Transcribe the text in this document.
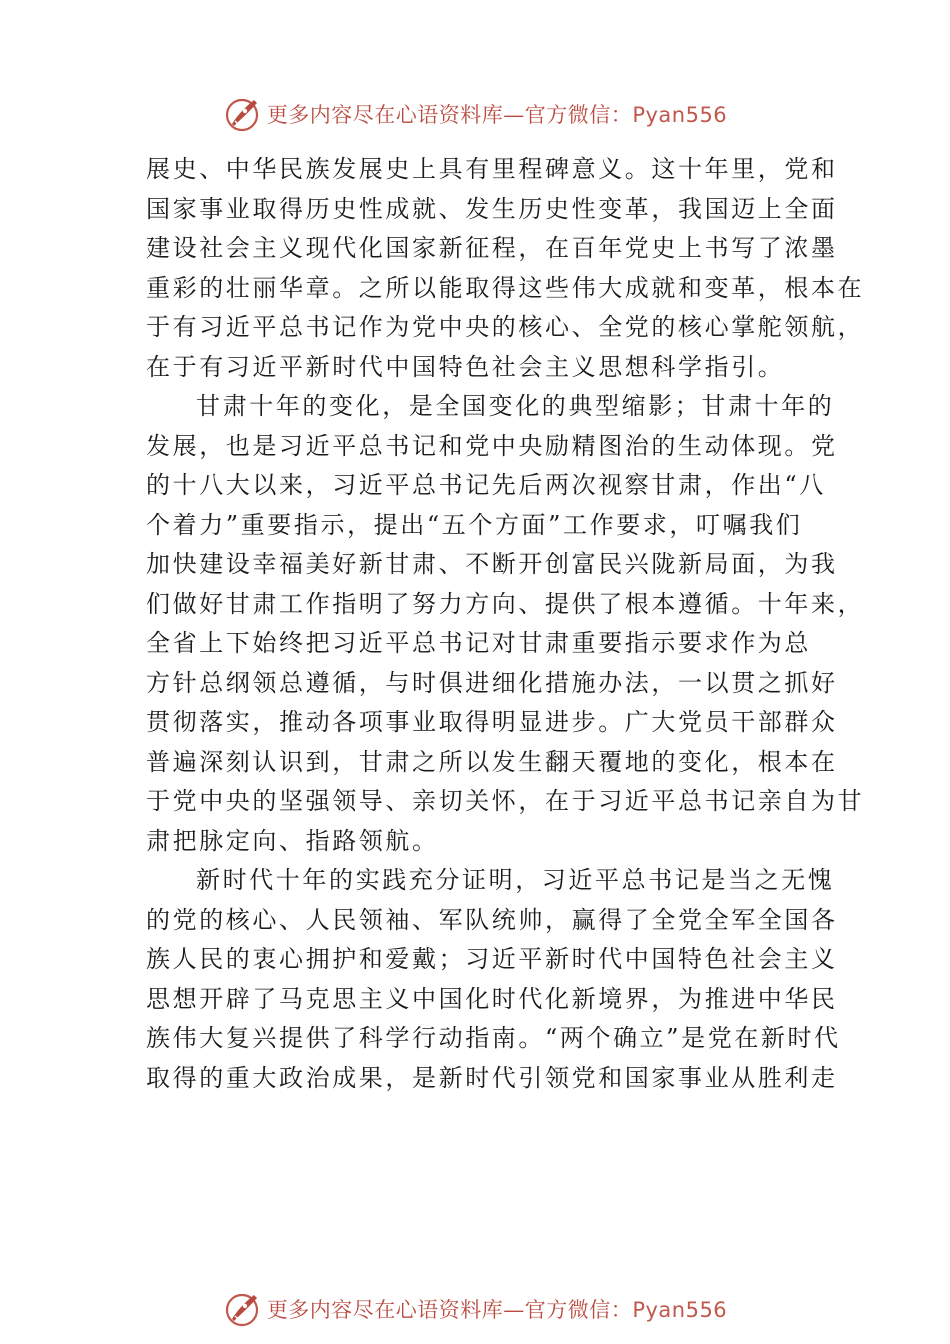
更多内容尽在心语资料库—官方微信：Pyan556
展史、中华民族发展史上具有里程碑意义。这十年里，党和
国家事业取得历史性成就、发生历史性变革，我国迈上全面
建设社会主义现代化国家新征程，在百年党史上书写了浓墨
重彩的壮丽华章。之所以能取得这些伟大成就和变革，根本在
于有习近平总书记作为党中央的核心、全党的核心掌舵领航，
在于有习近平新时代中国特色社会主义思想科学指引。
甘肃十年的变化，是全国变化的典型缩影；甘肃十年的
发展，也是习近平总书记和党中央励精图治的生动体现。党
的十八大以来，习近平总书记先后两次视察甘肃，作出“八
个着力”重要指示，提出“五个方面”工作要求，叮嘱我们
加快建设幸福美好新甘肃、不断开创富民兴陇新局面，为我
们做好甘肃工作指明了努力方向、提供了根本遵循。十年来，
全省上下始终把习近平总书记对甘肃重要指示要求作为总
方针总纲领总遵循，与时俱进细化措施办法，一以贯之抓好
贯彻落实，推动各项事业取得明显进步。广大党员干部群众
普遍深刻认识到，甘肃之所以发生翻天覆地的变化，根本在
于党中央的坚强领导、亲切关怀，在于习近平总书记亲自为甘
肃把脉定向、指路领航。
新时代十年的实践充分证明，习近平总书记是当之无愧
的党的核心、人民领袖、军队统帅，赢得了全党全军全国各
族人民的衷心拥护和爱戴；习近平新时代中国特色社会主义
思想开辟了马克思主义中国化时代化新境界，为推进中华民
族伟大复兴提供了科学行动指南。“两个确立”是党在新时代
取得的重大政治成果，是新时代引领党和国家事业从胜利走
更多内容尽在心语资料库—官方微信：Pyan556
